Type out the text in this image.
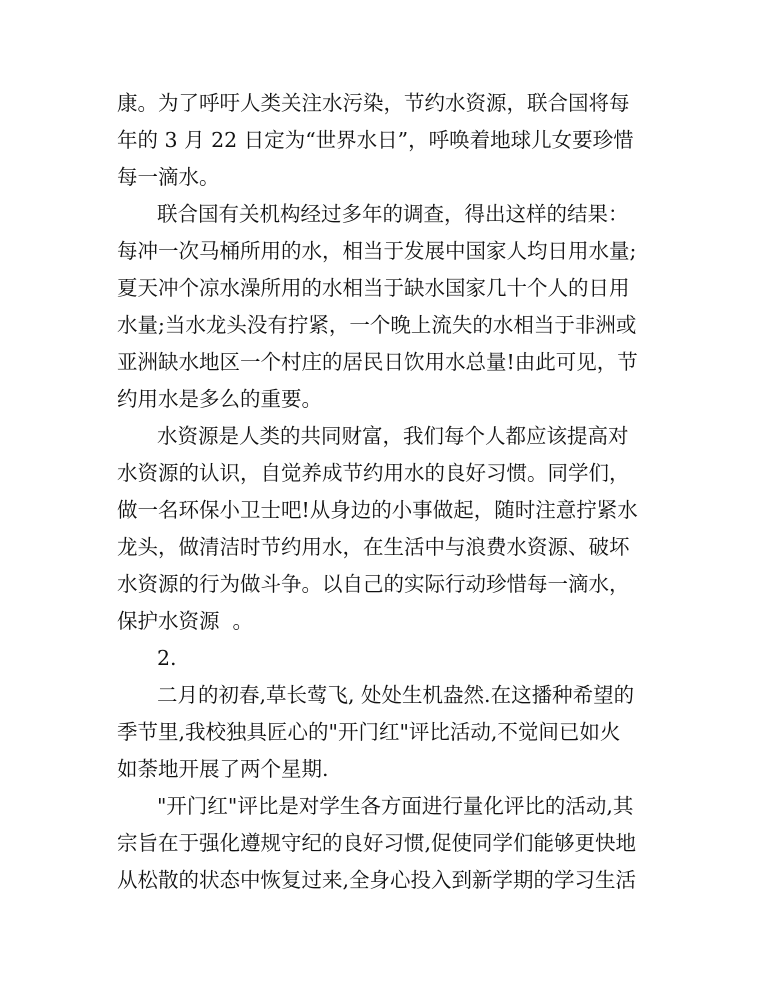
康。为了呼吁人类关注水污染，节约水资源，联合国将每
年的 3 月 22 日定为“世界水日”，呼唤着地球儿女要珍惜
每一滴水。
联合国有关机构经过多年的调查，得出这样的结果：
每冲一次马桶所用的水，相当于发展中国家人均日用水量;
夏天冲个凉水澡所用的水相当于缺水国家几十个人的日用
水量;当水龙头没有拧紧，一个晚上流失的水相当于非洲或
亚洲缺水地区一个村庄的居民日饮用水总量!由此可见，节
约用水是多么的重要。
水资源是人类的共同财富，我们每个人都应该提高对
水资源的认识，自觉养成节约用水的良好习惯。同学们，
做一名环保小卫士吧!从身边的小事做起，随时注意拧紧水
龙头，做清洁时节约用水，在生活中与浪费水资源、破坏
水资源的行为做斗争。以自己的实际行动珍惜每一滴水，
保护水资源  。
2.
二月的初春,草长莺飞, 处处生机盎然.在这播种希望的
季节里,我校独具匠心的"开门红"评比活动,不觉间已如火
如荼地开展了两个星期.
"开门红"评比是对学生各方面进行量化评比的活动,其
宗旨在于强化遵规守纪的良好习惯,促使同学们能够更快地
从松散的状态中恢复过来,全身心投入到新学期的学习生活
